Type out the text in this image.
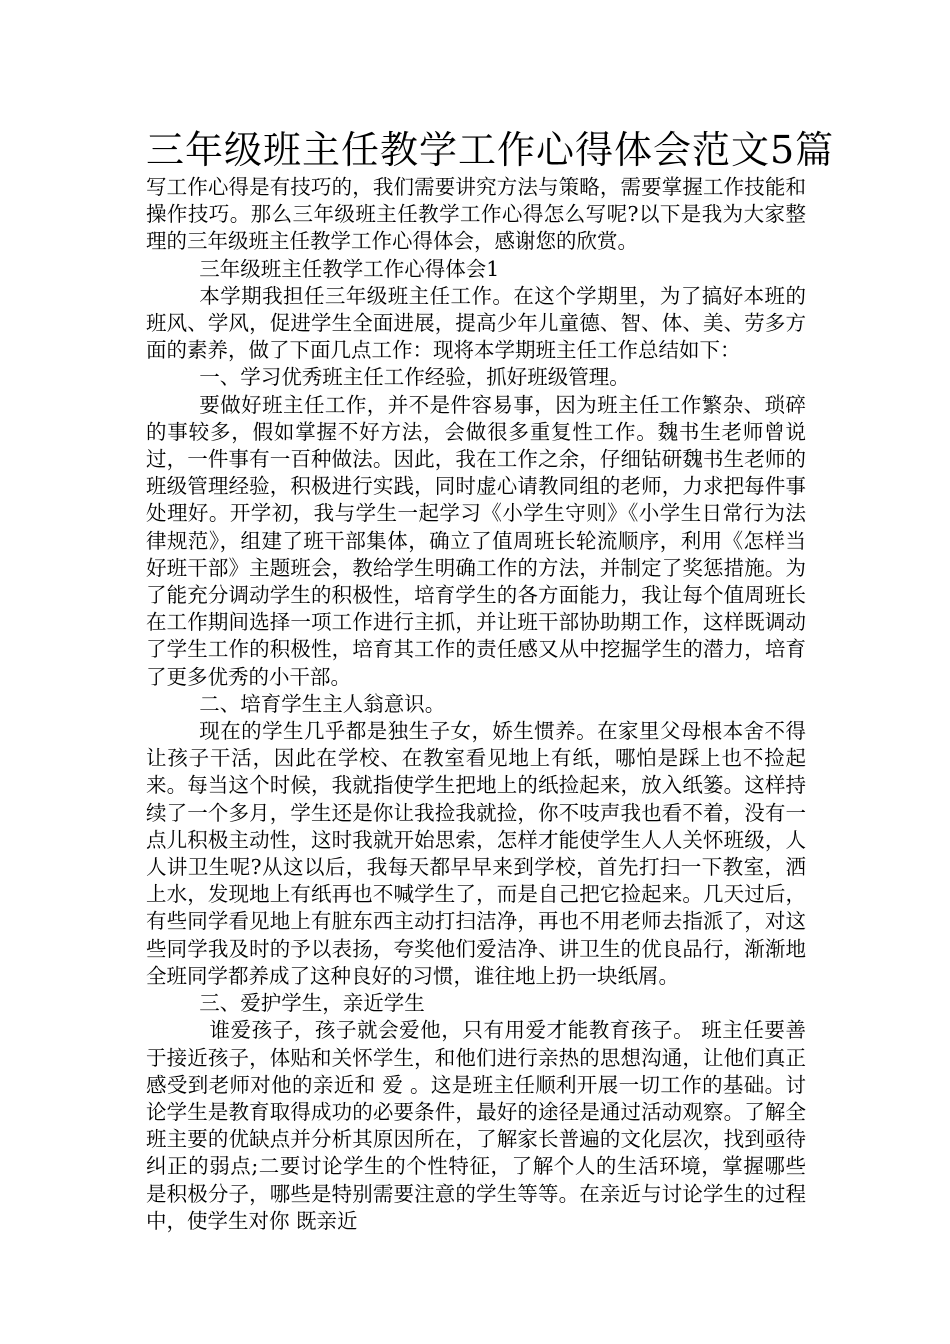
三年级班主任教学工作心得体会范文5篇

写工作心得是有技巧的，我们需要讲究方法与策略，需要掌握工作技能和操作技巧。那么三年级班主任教学工作心得怎么写呢?以下是我为大家整理的三年级班主任教学工作心得体会，感谢您的欣赏。

三年级班主任教学工作心得体会1

本学期我担任三年级班主任工作。在这个学期里，为了搞好本班的班风、学风，促进学生全面进展，提高少年儿童德、智、体、美、劳多方面的素养，做了下面几点工作：现将本学期班主任工作总结如下：

一、学习优秀班主任工作经验，抓好班级管理。

要做好班主任工作，并不是件容易事，因为班主任工作繁杂、琐碎的事较多，假如掌握不好方法，会做很多重复性工作。魏书生老师曾说过，一件事有一百种做法。因此，我在工作之余，仔细钻研魏书生老师的班级管理经验，积极进行实践，同时虚心请教同组的老师，力求把每件事处理好。开学初，我与学生一起学习《小学生守则》《小学生日常行为法律规范》，组建了班干部集体，确立了值周班长轮流顺序，利用《怎样当好班干部》主题班会，教给学生明确工作的方法，并制定了奖惩措施。为了能充分调动学生的积极性，培育学生的各方面能力，我让每个值周班长在工作期间选择一项工作进行主抓，并让班干部协助期工作，这样既调动了学生工作的积极性，培育其工作的责任感又从中挖掘学生的潜力，培育了更多优秀的小干部。

二、培育学生主人翁意识。

现在的学生几乎都是独生子女，娇生惯养。在家里父母根本舍不得让孩子干活，因此在学校、在教室看见地上有纸，哪怕是踩上也不捡起来。每当这个时候，我就指使学生把地上的纸捡起来，放入纸篓。这样持续了一个多月，学生还是你让我捡我就捡，你不吱声我也看不着，没有一点儿积极主动性，这时我就开始思索，怎样才能使学生人人关怀班级，人人讲卫生呢?从这以后，我每天都早早来到学校，首先打扫一下教室，洒上水，发现地上有纸再也不喊学生了，而是自己把它捡起来。几天过后，有些同学看见地上有脏东西主动打扫洁净，再也不用老师去指派了，对这些同学我及时的予以表扬，夸奖他们爱洁净、讲卫生的优良品行，渐渐地全班同学都养成了这种良好的习惯，谁往地上扔一块纸屑。

三、爱护学生，亲近学生

谁爱孩子，孩子就会爱他，只有用爱才能教育孩子。 班主任要善于接近孩子，体贴和关怀学生，和他们进行亲热的思想沟通，让他们真正感受到老师对他的亲近和 爱 。这是班主任顺利开展一切工作的基础。讨论学生是教育取得成功的必要条件，最好的途径是通过活动观察。了解全班主要的优缺点并分析其原因所在，了解家长普遍的文化层次，找到亟待纠正的弱点;二要讨论学生的个性特征，了解个人的生活环境，掌握哪些是积极分子，哪些是特别需要注意的学生等等。在亲近与讨论学生的过程中，使学生对你 既亲近
